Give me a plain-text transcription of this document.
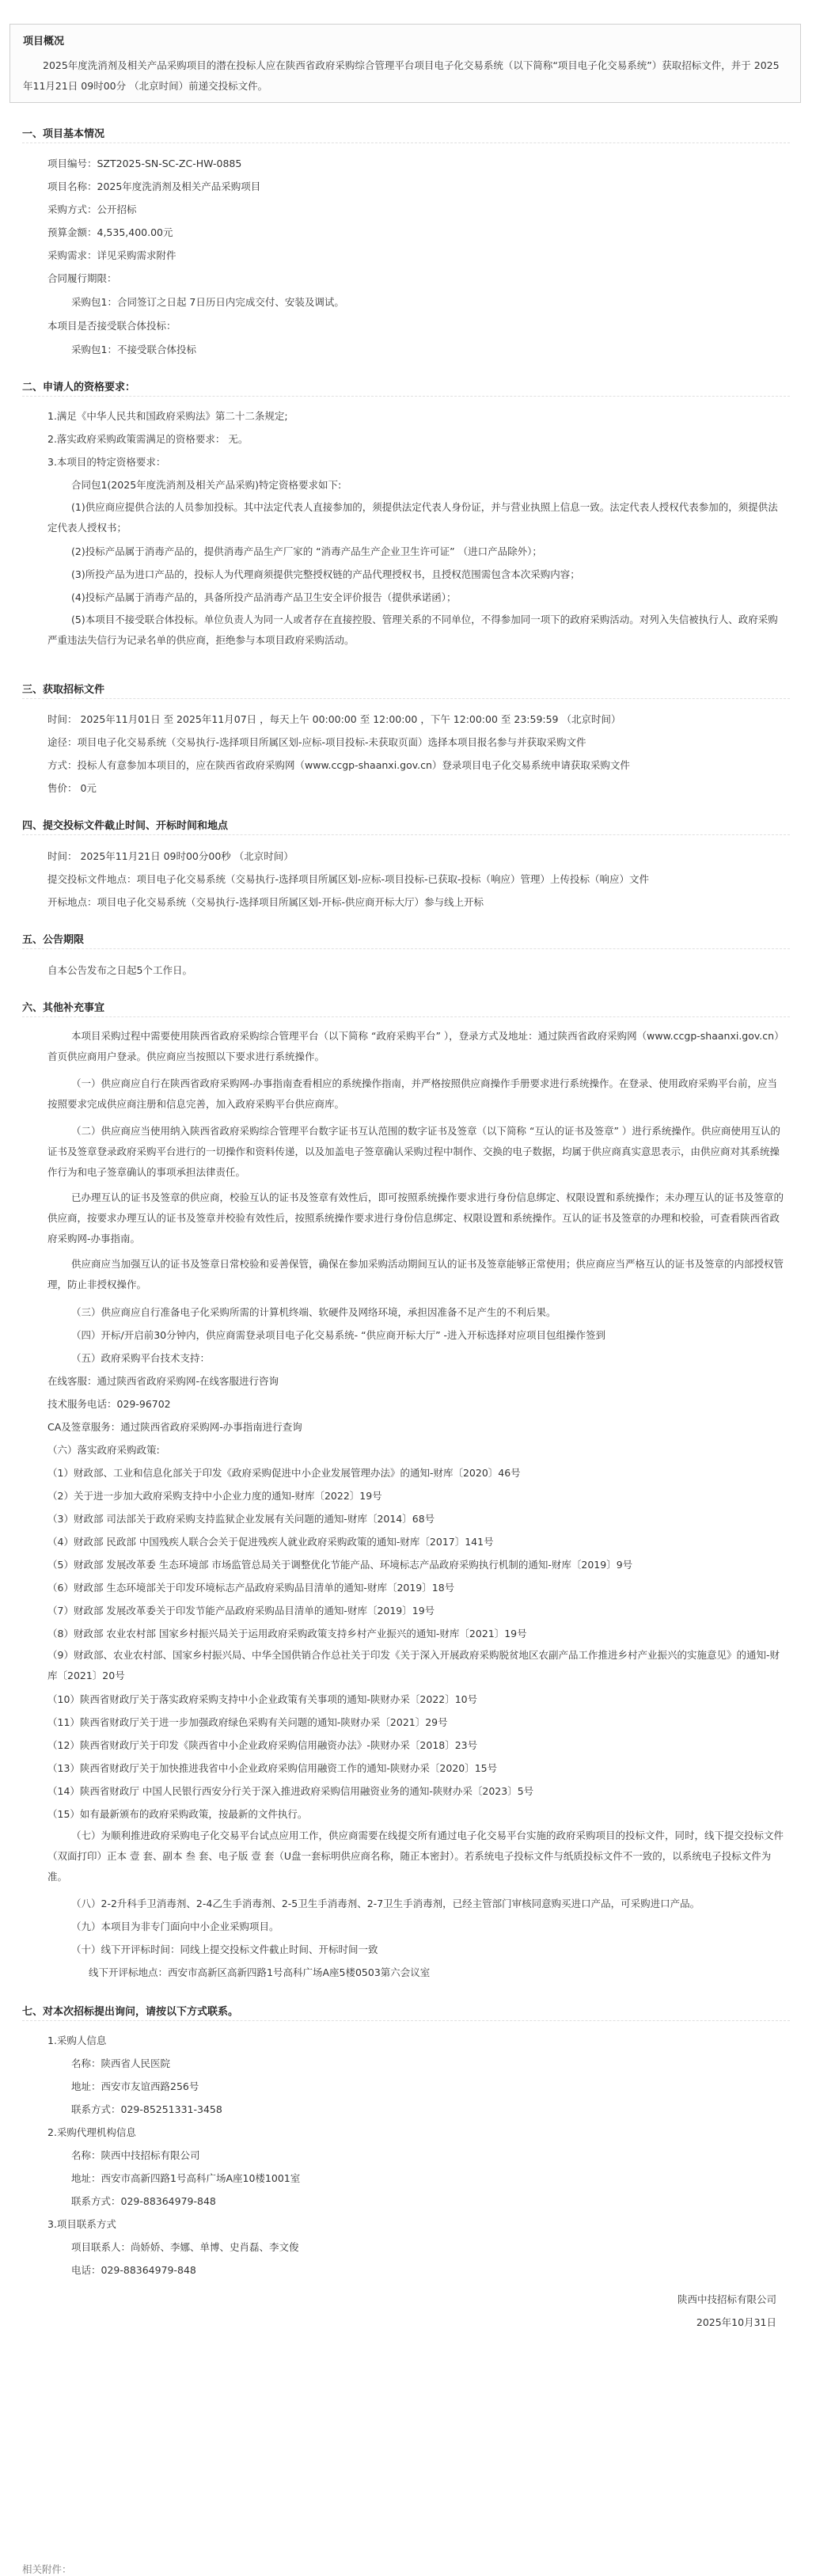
项目概况
2025年度洗消剂及相关产品采购项目的潜在投标人应在陕西省政府采购综合管理平台项目电子化交易系统（以下简称“项目电子化交易系统”）获取招标文件，并于 2025年11月21日 09时00分 （北京时间）前递交投标文件。
一、项目基本情况
项目编号：SZT2025-SN-SC-ZC-HW-0885
项目名称：2025年度洗消剂及相关产品采购项目
采购方式：公开招标
预算金额：4,535,400.00元
采购需求：详见采购需求附件
合同履行期限：
采购包1：合同签订之日起 7日历日内完成交付、安装及调试。
本项目是否接受联合体投标：
采购包1：不接受联合体投标
二、申请人的资格要求：
1.满足《中华人民共和国政府采购法》第二十二条规定;
2.落实政府采购政策需满足的资格要求： 无。
3.本项目的特定资格要求：
合同包1(2025年度洗消剂及相关产品采购)特定资格要求如下:
(1)供应商应提供合法的人员参加投标。其中法定代表人直接参加的，须提供法定代表人身份证，并与营业执照上信息一致。法定代表人授权代表参加的，须提供法定代表人授权书；
(2)投标产品属于消毒产品的，提供消毒产品生产厂家的 “消毒产品生产企业卫生许可证” （进口产品除外）；
(3)所投产品为进口产品的，投标人为代理商须提供完整授权链的产品代理授权书，且授权范围需包含本次采购内容；
(4)投标产品属于消毒产品的，具备所投产品消毒产品卫生安全评价报告（提供承诺函）；
(5)本项目不接受联合体投标。单位负责人为同一人或者存在直接控股、管理关系的不同单位，不得参加同一项下的政府采购活动。对列入失信被执行人、政府采购严重违法失信行为记录名单的供应商，拒绝参与本项目政府采购活动。
三、获取招标文件
时间： 2025年11月01日 至 2025年11月07日 ，每天上午 00:00:00 至 12:00:00 ，下午 12:00:00 至 23:59:59 （北京时间）
途径：项目电子化交易系统（交易执行-选择项目所属区划-应标-项目投标-未获取页面）选择本项目报名参与并获取采购文件
方式：投标人有意参加本项目的，应在陕西省政府采购网（www.ccgp-shaanxi.gov.cn）登录项目电子化交易系统申请获取采购文件
售价： 0元
四、提交投标文件截止时间、开标时间和地点
时间： 2025年11月21日 09时00分00秒 （北京时间）
提交投标文件地点：项目电子化交易系统（交易执行-选择项目所属区划-应标-项目投标-已获取-投标（响应）管理）上传投标（响应）文件
开标地点：项目电子化交易系统（交易执行-选择项目所属区划-开标-供应商开标大厅）参与线上开标
五、公告期限
自本公告发布之日起5个工作日。
六、其他补充事宜
本项目采购过程中需要使用陕西省政府采购综合管理平台（以下简称 “政府采购平台” ），登录方式及地址：通过陕西省政府采购网（www.ccgp-shaanxi.gov.cn）首页供应商用户登录。供应商应当按照以下要求进行系统操作。
（一）供应商应自行在陕西省政府采购网-办事指南查看相应的系统操作指南，并严格按照供应商操作手册要求进行系统操作。在登录、使用政府采购平台前，应当按照要求完成供应商注册和信息完善，加入政府采购平台供应商库。
（二）供应商应当使用纳入陕西省政府采购综合管理平台数字证书互认范围的数字证书及签章（以下简称 “互认的证书及签章” ）进行系统操作。供应商使用互认的证书及签章登录政府采购平台进行的一切操作和资料传递，以及加盖电子签章确认采购过程中制作、交换的电子数据，均属于供应商真实意思表示，由供应商对其系统操作行为和电子签章确认的事项承担法律责任。
已办理互认的证书及签章的供应商，校验互认的证书及签章有效性后，即可按照系统操作要求进行身份信息绑定、权限设置和系统操作；未办理互认的证书及签章的供应商，按要求办理互认的证书及签章并校验有效性后，按照系统操作要求进行身份信息绑定、权限设置和系统操作。互认的证书及签章的办理和校验，可查看陕西省政府采购网-办事指南。
供应商应当加强互认的证书及签章日常校验和妥善保管，确保在参加采购活动期间互认的证书及签章能够正常使用；供应商应当严格互认的证书及签章的内部授权管理，防止非授权操作。
（三）供应商应自行准备电子化采购所需的计算机终端、软硬件及网络环境，承担因准备不足产生的不利后果。
（四）开标/开启前30分钟内，供应商需登录项目电子化交易系统- “供应商开标大厅” -进入开标选择对应项目包组操作签到
（五）政府采购平台技术支持：
在线客服：通过陕西省政府采购网-在线客服进行咨询
技术服务电话：029-96702
CA及签章服务：通过陕西省政府采购网-办事指南进行查询
（六）落实政府采购政策:
（1）财政部、工业和信息化部关于印发《政府采购促进中小企业发展管理办法》的通知-财库〔2020〕46号
（2）关于进一步加大政府采购支持中小企业力度的通知-财库〔2022〕19号
（3）财政部 司法部关于政府采购支持监狱企业发展有关问题的通知-财库〔2014〕68号
（4）财政部 民政部 中国残疾人联合会关于促进残疾人就业政府采购政策的通知-财库〔2017〕141号
（5）财政部 发展改革委 生态环境部 市场监管总局关于调整优化节能产品、环境标志产品政府采购执行机制的通知-财库〔2019〕9号
（6）财政部 生态环境部关于印发环境标志产品政府采购品目清单的通知-财库〔2019〕18号
（7）财政部 发展改革委关于印发节能产品政府采购品目清单的通知-财库〔2019〕19号
（8）财政部 农业农村部 国家乡村振兴局关于运用政府采购政策支持乡村产业振兴的通知-财库〔2021〕19号
（9）财政部、农业农村部、国家乡村振兴局、中华全国供销合作总社关于印发《关于深入开展政府采购脱贫地区农副产品工作推进乡村产业振兴的实施意见》的通知-财库〔2021〕20号
（10）陕西省财政厅关于落实政府采购支持中小企业政策有关事项的通知-陕财办采〔2022〕10号
（11）陕西省财政厅关于进一步加强政府绿色采购有关问题的通知-陕财办采〔2021〕29号
（12）陕西省财政厅关于印发《陕西省中小企业政府采购信用融资办法》-陕财办采〔2018〕23号
（13）陕西省财政厅关于加快推进我省中小企业政府采购信用融资工作的通知-陕财办采〔2020〕15号
（14）陕西省财政厅 中国人民银行西安分行关于深入推进政府采购信用融资业务的通知-陕财办采〔2023〕5号
（15）如有最新颁布的政府采购政策，按最新的文件执行。
（七）为顺利推进政府采购电子化交易平台试点应用工作，供应商需要在线提交所有通过电子化交易平台实施的政府采购项目的投标文件，同时，线下提交投标文件（双面打印）正本 壹 套、副本 叁 套、电子版 壹 套（U盘一套标明供应商名称，随正本密封）。若系统电子投标文件与纸质投标文件不一致的，以系统电子投标文件为准。
（八）2-2升科手卫消毒剂、2-4乙生手消毒剂、2-5卫生手消毒剂、2-7卫生手消毒剂，已经主管部门审核同意购买进口产品，可采购进口产品。
（九）本项目为非专门面向中小企业采购项目。
（十）线下开评标时间：同线上提交投标文件截止时间、开标时间一致
线下开评标地点：西安市高新区高新四路1号高科广场A座5楼0503第六会议室
七、对本次招标提出询问，请按以下方式联系。
1.采购人信息
名称：陕西省人民医院
地址：西安市友谊西路256号
联系方式：029-85251331-3458
2.采购代理机构信息
名称：陕西中技招标有限公司
地址：西安市高新四路1号高科广场A座10楼1001室
联系方式：029-88364979-848
3.项目联系方式
项目联系人：尚娇娇、李娜、单博、史肖磊、李文俊
电话：029-88364979-848
陕西中技招标有限公司
2025年10月31日
相关附件：
